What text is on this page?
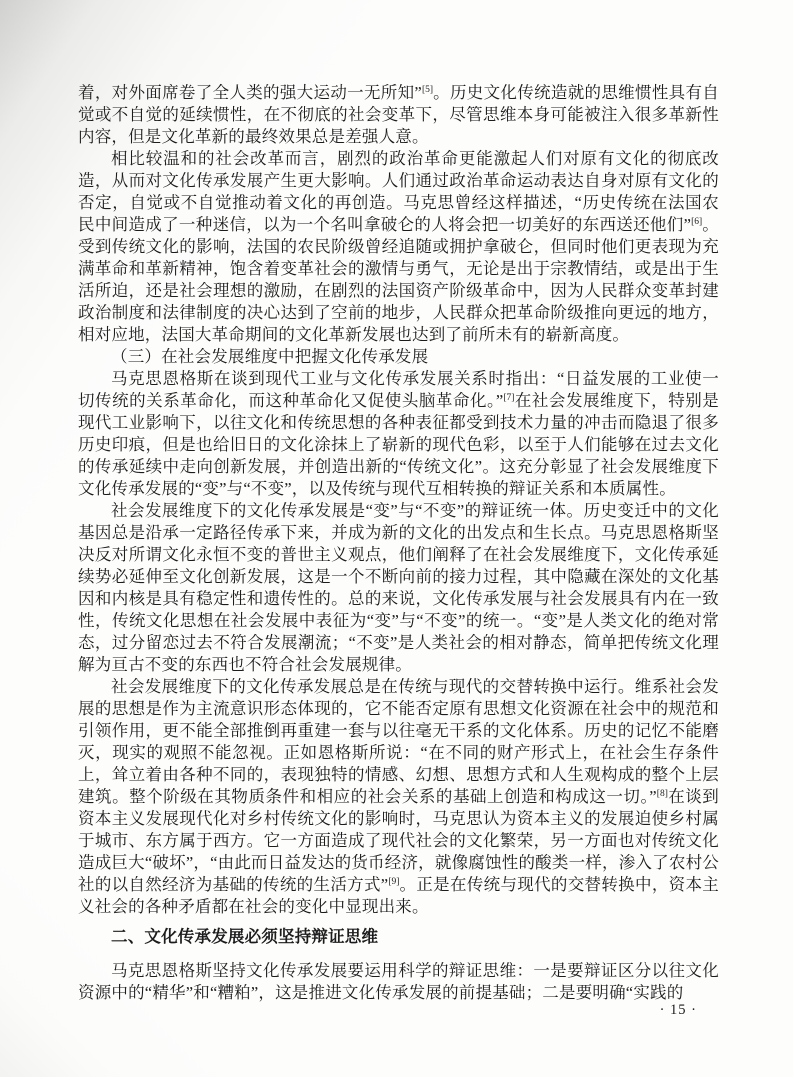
着，对外面席卷了全人类的强大运动一无所知”[5]。历史文化传统造就的思维惯性具有自觉或不自觉的延续惯性，在不彻底的社会变革下，尽管思维本身可能被注入很多革新性内容，但是文化革新的最终效果总是差强人意。

相比较温和的社会改革而言，剧烈的政治革命更能激起人们对原有文化的彻底改造，从而对文化传承发展产生更大影响。人们通过政治革命运动表达自身对原有文化的否定，自觉或不自觉推动着文化的再创造。马克思曾经这样描述，“历史传统在法国农民中间造成了一种迷信，以为一个名叫拿破仑的人将会把一切美好的东西送还他们”[6]。受到传统文化的影响，法国的农民阶级曾经追随或拥护拿破仑，但同时他们更表现为充满革命和革新精神，饱含着变革社会的激情与勇气，无论是出于宗教情结，或是出于生活所迫，还是社会理想的激励，在剧烈的法国资产阶级革命中，因为人民群众变革封建政治制度和法律制度的决心达到了空前的地步，人民群众把革命阶级推向更远的地方，相对应地，法国大革命期间的文化革新发展也达到了前所未有的崭新高度。

（三）在社会发展维度中把握文化传承发展

马克思恩格斯在谈到现代工业与文化传承发展关系时指出：“日益发展的工业使一切传统的关系革命化，而这种革命化又促使头脑革命化。”[7]在社会发展维度下，特别是现代工业影响下，以往文化和传统思想的各种表征都受到技术力量的冲击而隐退了很多历史印痕，但是也给旧日的文化涂抹上了崭新的现代色彩，以至于人们能够在过去文化的传承延续中走向创新发展，并创造出新的“传统文化”。这充分彰显了社会发展维度下文化传承发展的“变”与“不变”，以及传统与现代互相转换的辩证关系和本质属性。

社会发展维度下的文化传承发展是“变”与“不变”的辩证统一体。历史变迁中的文化基因总是沿承一定路径传承下来，并成为新的文化的出发点和生长点。马克思恩格斯坚决反对所谓文化永恒不变的普世主义观点，他们阐释了在社会发展维度下，文化传承延续势必延伸至文化创新发展，这是一个不断向前的接力过程，其中隐藏在深处的文化基因和内核是具有稳定性和遗传性的。总的来说，文化传承发展与社会发展具有内在一致性，传统文化思想在社会发展中表征为“变”与“不变”的统一。“变”是人类文化的绝对常态，过分留恋过去不符合发展潮流；“不变”是人类社会的相对静态，简单把传统文化理解为亘古不变的东西也不符合社会发展规律。

社会发展维度下的文化传承发展总是在传统与现代的交替转换中运行。维系社会发展的思想是作为主流意识形态体现的，它不能否定原有思想文化资源在社会中的规范和引领作用，更不能全部推倒再重建一套与以往毫无干系的文化体系。历史的记忆不能磨灭，现实的观照不能忽视。正如恩格斯所说：“在不同的财产形式上，在社会生存条件上，耸立着由各种不同的，表现独特的情感、幻想、思想方式和人生观构成的整个上层建筑。整个阶级在其物质条件和相应的社会关系的基础上创造和构成这一切。”[8]在谈到资本主义发展现代化对乡村传统文化的影响时，马克思认为资本主义的发展迫使乡村属于城市、东方属于西方。它一方面造成了现代社会的文化繁荣，另一方面也对传统文化造成巨大“破坏”，“由此而日益发达的货币经济，就像腐蚀性的酸类一样，渗入了农村公社的以自然经济为基础的传统的生活方式”[9]。正是在传统与现代的交替转换中，资本主义社会的各种矛盾都在社会的变化中显现出来。

二、文化传承发展必须坚持辩证思维

马克思恩格斯坚持文化传承发展要运用科学的辩证思维：一是要辩证区分以往文化资源中的“精华”和“糟粕”，这是推进文化传承发展的前提基础；二是要明确“实践的

· 15 ·
